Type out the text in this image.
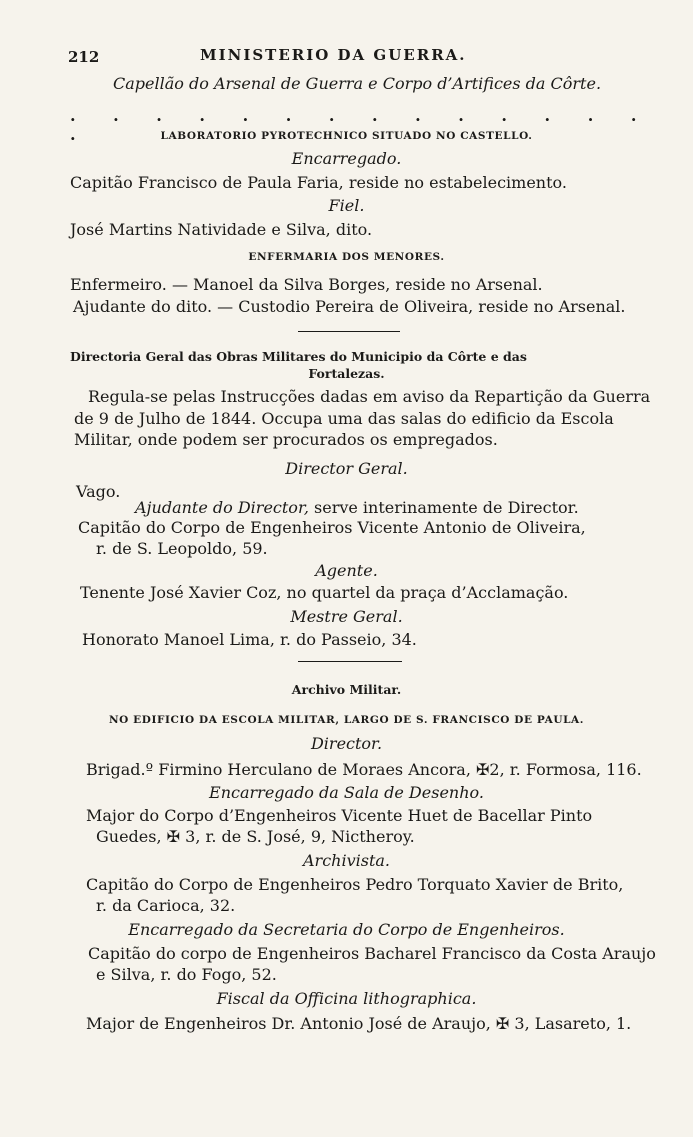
212	MINISTERIO DA GUERRA.
Capellão do Arsenal de Guerra e Corpo d’Artifices da Côrte.
. . . . . . . . . . . . . . .	LABORATORIO PYROTECHNICO SITUADO NO CASTELLO.
Encarregado.
Capitão Francisco de Paula Faria, reside no estabelecimento.
Fiel.
José Martins Natividade e Silva, dito.
ENFERMARIA DOS MENORES.
Enfermeiro. — Manoel da Silva Borges, reside no Arsenal.
Ajudante do dito. — Custodio Pereira de Oliveira, reside no Arsenal.
Directoria Geral das Obras Militares do Municipio da Côrte e das
Fortalezas.
Regula-se pelas Instrucções dadas em aviso da Repartição da Guerra
de 9 de Julho de 1844. Occupa uma das salas do edificio da Escola
Militar, onde podem ser procurados os empregados.
Director Geral.
Vago.
Ajudante do Director, serve interinamente de Director.
Capitão do Corpo de Engenheiros Vicente Antonio de Oliveira,
r. de S. Leopoldo, 59.
Agente.
Tenente José Xavier Coz, no quartel da praça d’Acclamação.
Mestre Geral.
Honorato Manoel Lima, r. do Passeio, 34.
Archivo Militar.
NO EDIFICIO DA ESCOLA MILITAR, LARGO DE S. FRANCISCO DE PAULA.
Director.
Brigad.º Firmino Herculano de Moraes Ancora, ✠2, r. Formosa, 116.
Encarregado da Sala de Desenho.
Major do Corpo d’Engenheiros Vicente Huet de Bacellar Pinto
Guedes, ✠ 3, r. de S. José, 9, Nictheroy.
Archivista.
Capitão do Corpo de Engenheiros Pedro Torquato Xavier de Brito,
r. da Carioca, 32.
Encarregado da Secretaria do Corpo de Engenheiros.
Capitão do corpo de Engenheiros Bacharel Francisco da Costa Araujo
e Silva, r. do Fogo, 52.
Fiscal da Officina lithographica.
Major de Engenheiros Dr. Antonio José de Araujo, ✠ 3, Lasareto, 1.
